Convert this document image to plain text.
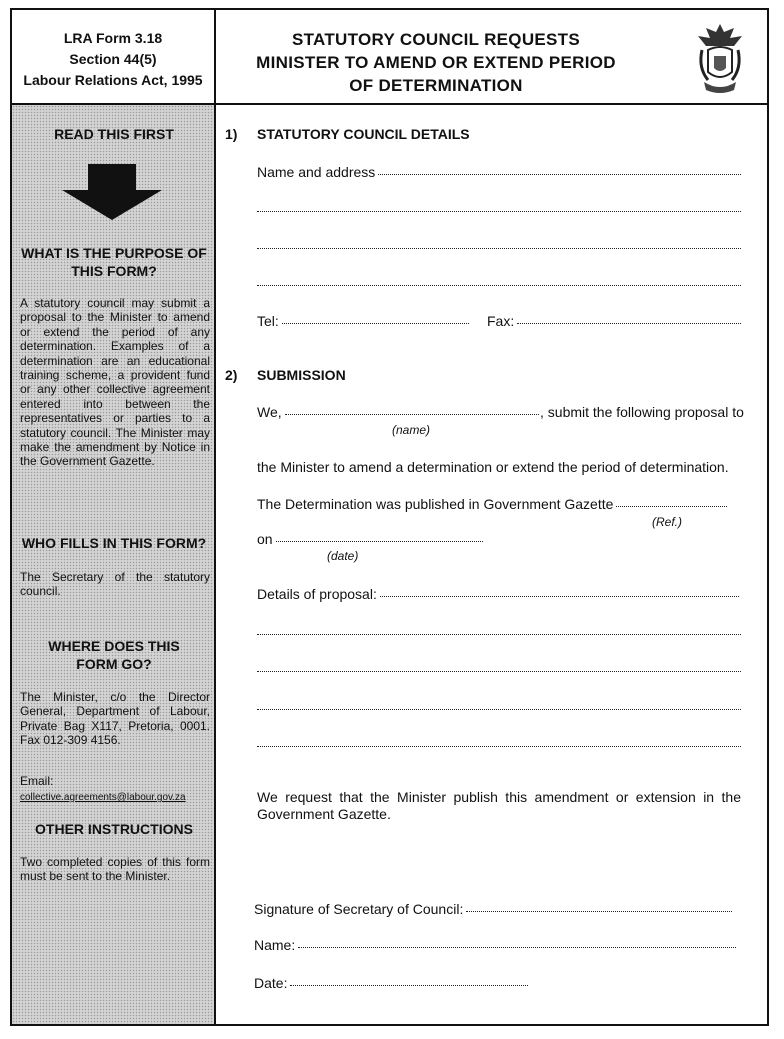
LRA Form 3.18
Section 44(5)
Labour Relations Act, 1995
STATUTORY COUNCIL REQUESTS
MINISTER TO AMEND OR EXTEND PERIOD
OF DETERMINATION
READ THIS FIRST
WHAT IS THE PURPOSE OF THIS FORM?
A statutory council may submit a proposal to the Minister to amend or extend the period of any determination. Examples of a determination are an educational training scheme, a provident fund or any other collective agreement entered into between the representatives or parties to a statutory council. The Minister may make the amendment by Notice in the Government Gazette.
WHO FILLS IN THIS FORM?
The Secretary of the statutory council.
WHERE DOES THIS FORM GO?
The Minister, c/o the Director General, Department of Labour, Private Bag X117, Pretoria, 0001. Fax 012-309 4156.
Email:
collective.agreements@labour.gov.za
OTHER INSTRUCTIONS
Two completed copies of this form must be sent to the Minister.
1) STATUTORY COUNCIL DETAILS
Name and address
Tel:	Fax:
2) SUBMISSION
We,	, submit the following proposal to
(name)
the Minister to amend a determination or extend the period of determination.
The Determination was published in Government Gazette
(Ref.)
on
(date)
Details of proposal:
We request that the Minister publish this amendment or extension in the Government Gazette.
Signature of Secretary of Council:
Name:
Date:
